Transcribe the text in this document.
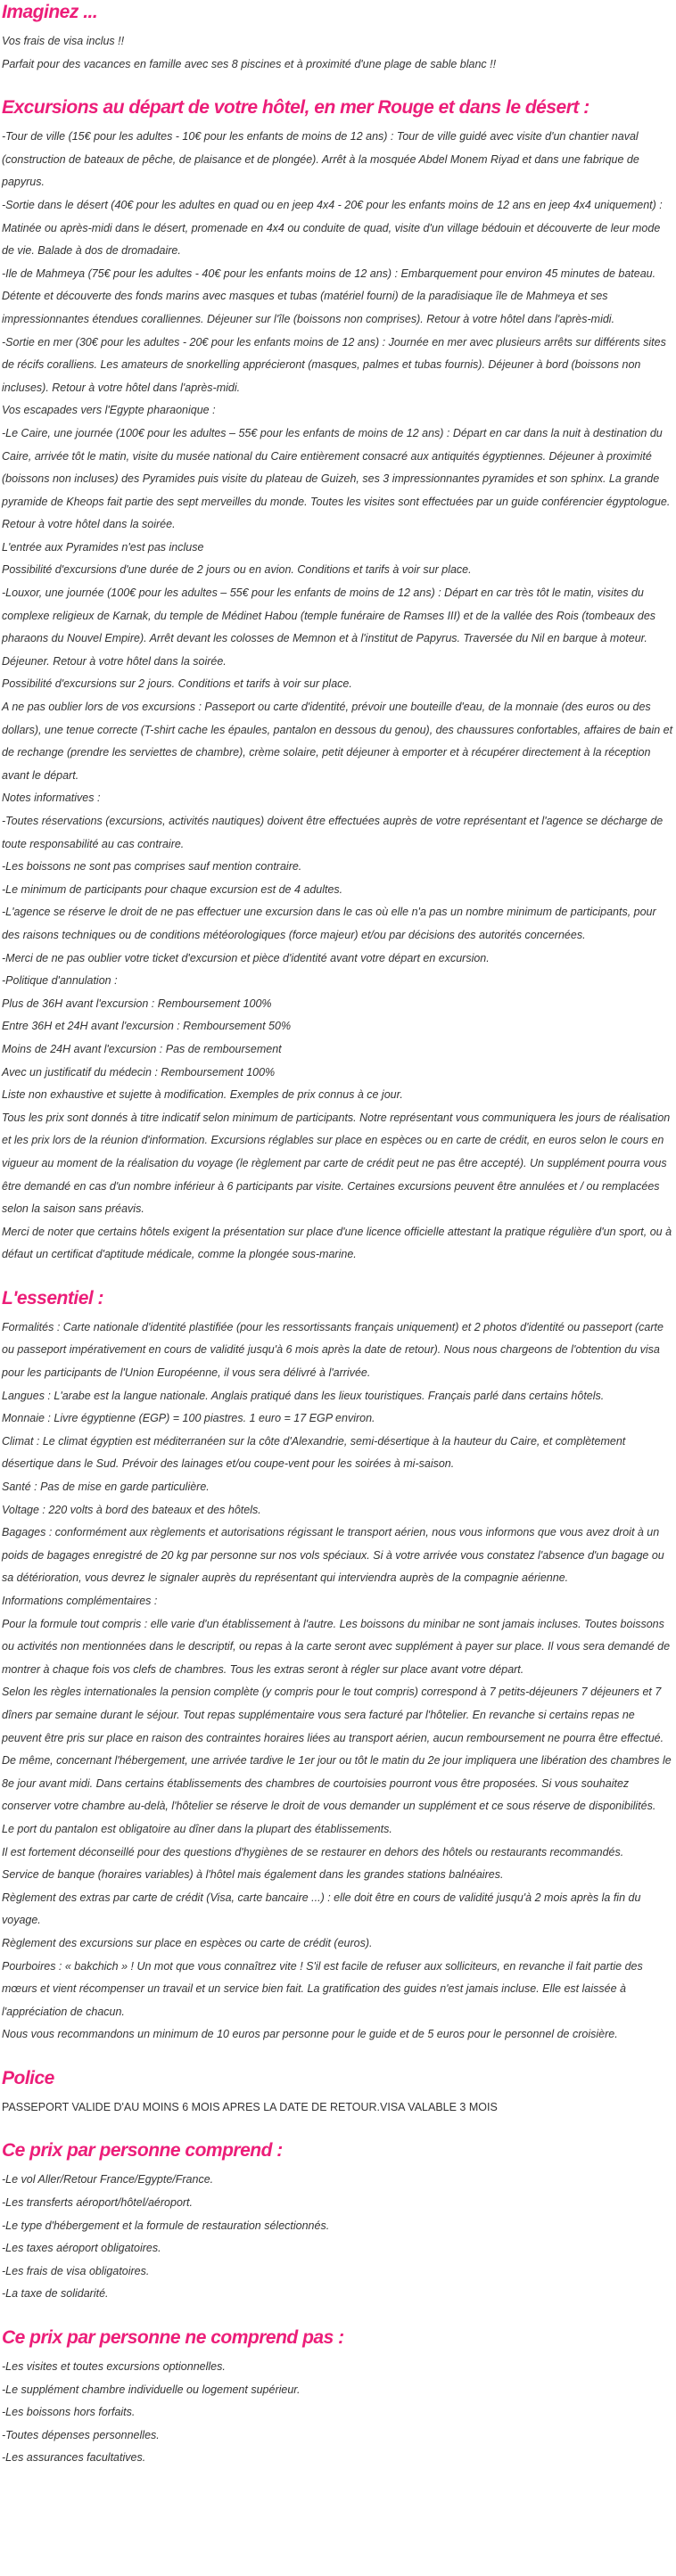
Imaginez ...
Vos frais de visa inclus !!
Parfait pour des vacances en famille avec ses 8 piscines et à proximité d'une plage de sable blanc !!
Excursions au départ de votre hôtel, en mer Rouge et dans le désert :
-Tour de ville (15€ pour les adultes - 10€ pour les enfants de moins de 12 ans) : Tour de ville guidé avec visite d'un chantier naval (construction de bateaux de pêche, de plaisance et de plongée). Arrêt à la mosquée Abdel Monem Riyad et dans une fabrique de papyrus.
-Sortie dans le désert (40€ pour les adultes en quad ou en jeep 4x4 - 20€ pour les enfants moins de 12 ans en jeep 4x4 uniquement) : Matinée ou après-midi dans le désert, promenade en 4x4 ou conduite de quad, visite d'un village bédouin et découverte de leur mode de vie. Balade à dos de dromadaire.
-Ile de Mahmeya (75€ pour les adultes - 40€ pour les enfants moins de 12 ans) : Embarquement pour environ 45 minutes de bateau. Détente et découverte des fonds marins avec masques et tubas (matériel fourni) de la paradisiaque île de Mahmeya et ses impressionnantes étendues coralliennes. Déjeuner sur l'île (boissons non comprises). Retour à votre hôtel dans l'après-midi.
-Sortie en mer (30€ pour les adultes - 20€ pour les enfants moins de 12 ans) : Journée en mer avec plusieurs arrêts sur différents sites de récifs coralliens. Les amateurs de snorkelling apprécieront (masques, palmes et tubas fournis). Déjeuner à bord (boissons non incluses). Retour à votre hôtel dans l'après-midi.
Vos escapades vers l'Egypte pharaonique :
-Le Caire, une journée (100€ pour les adultes – 55€ pour les enfants de moins de 12 ans) : Départ en car dans la nuit à destination du Caire, arrivée tôt le matin, visite du musée national du Caire entièrement consacré aux antiquités égyptiennes. Déjeuner à proximité (boissons non incluses) des Pyramides puis visite du plateau de Guizeh, ses 3 impressionnantes pyramides et son sphinx. La grande pyramide de Kheops fait partie des sept merveilles du monde. Toutes les visites sont effectuées par un guide conférencier égyptologue. Retour à votre hôtel dans la soirée.
L'entrée aux Pyramides n'est pas incluse
Possibilité d'excursions d'une durée de 2 jours ou en avion. Conditions et tarifs à voir sur place.
-Louxor, une journée (100€ pour les adultes – 55€ pour les enfants de moins de 12 ans) : Départ en car très tôt le matin, visites du complexe religieux de Karnak, du temple de Médinet Habou (temple funéraire de Ramses III) et de la vallée des Rois (tombeaux des pharaons du Nouvel Empire). Arrêt devant les colosses de Memnon et à l'institut de Papyrus. Traversée du Nil en barque à moteur. Déjeuner. Retour à votre hôtel dans la soirée.
Possibilité d'excursions sur 2 jours. Conditions et tarifs à voir sur place.
A ne pas oublier lors de vos excursions : Passeport ou carte d'identité, prévoir une bouteille d'eau, de la monnaie (des euros ou des dollars), une tenue correcte (T-shirt cache les épaules, pantalon en dessous du genou), des chaussures confortables, affaires de bain et de rechange (prendre les serviettes de chambre), crème solaire, petit déjeuner à emporter et à récupérer directement à la réception avant le départ.
Notes informatives :
-Toutes réservations (excursions, activités nautiques) doivent être effectuées auprès de votre représentant et l'agence se décharge de toute responsabilité au cas contraire.
-Les boissons ne sont pas comprises sauf mention contraire.
-Le minimum de participants pour chaque excursion est de 4 adultes.
-L'agence se réserve le droit de ne pas effectuer une excursion dans le cas où elle n'a pas un nombre minimum de participants, pour des raisons techniques ou de conditions météorologiques (force majeur) et/ou par décisions des autorités concernées.
-Merci de ne pas oublier votre ticket d'excursion et pièce d'identité avant votre départ en excursion.
-Politique d'annulation :
Plus de 36H avant l'excursion : Remboursement 100%
Entre 36H et 24H avant l'excursion : Remboursement 50%
Moins de 24H avant l'excursion : Pas de remboursement
Avec un justificatif du médecin : Remboursement 100%
Liste non exhaustive et sujette à modification. Exemples de prix connus à ce jour.
Tous les prix sont donnés à titre indicatif selon minimum de participants. Notre représentant vous communiquera les jours de réalisation et les prix lors de la réunion d'information. Excursions réglables sur place en espèces ou en carte de crédit, en euros selon le cours en vigueur au moment de la réalisation du voyage (le règlement par carte de crédit peut ne pas être accepté). Un supplément pourra vous être demandé en cas d'un nombre inférieur à 6 participants par visite. Certaines excursions peuvent être annulées et / ou remplacées selon la saison sans préavis.
Merci de noter que certains hôtels exigent la présentation sur place d'une licence officielle attestant la pratique régulière d'un sport, ou à défaut un certificat d'aptitude médicale, comme la plongée sous-marine.
L'essentiel :
Formalités : Carte nationale d'identité plastifiée (pour les ressortissants français uniquement) et 2 photos d'identité ou passeport (carte ou passeport impérativement en cours de validité jusqu'à 6 mois après la date de retour). Nous nous chargeons de l'obtention du visa pour les participants de l'Union Européenne, il vous sera délivré à l'arrivée.
Langues : L'arabe est la langue nationale. Anglais pratiqué dans les lieux touristiques. Français parlé dans certains hôtels.
Monnaie : Livre égyptienne (EGP) = 100 piastres. 1 euro = 17 EGP environ.
Climat : Le climat égyptien est méditerranéen sur la côte d'Alexandrie, semi-désertique à la hauteur du Caire, et complètement désertique dans le Sud. Prévoir des lainages et/ou coupe-vent pour les soirées à mi-saison.
Santé : Pas de mise en garde particulière.
Voltage : 220 volts à bord des bateaux et des hôtels.
Bagages : conformément aux règlements et autorisations régissant le transport aérien, nous vous informons que vous avez droit à un poids de bagages enregistré de 20 kg par personne sur nos vols spéciaux. Si à votre arrivée vous constatez l'absence d'un bagage ou sa détérioration, vous devrez le signaler auprès du représentant qui interviendra auprès de la compagnie aérienne.
Informations complémentaires :
Pour la formule tout compris : elle varie d'un établissement à l'autre. Les boissons du minibar ne sont jamais incluses. Toutes boissons ou activités non mentionnées dans le descriptif, ou repas à la carte seront avec supplément à payer sur place. Il vous sera demandé de montrer à chaque fois vos clefs de chambres. Tous les extras seront à régler sur place avant votre départ.
Selon les règles internationales la pension complète (y compris pour le tout compris) correspond à 7 petits-déjeuners 7 déjeuners et 7 dîners par semaine durant le séjour. Tout repas supplémentaire vous sera facturé par l'hôtelier. En revanche si certains repas ne peuvent être pris sur place en raison des contraintes horaires liées au transport aérien, aucun remboursement ne pourra être effectué.
De même, concernant l'hébergement, une arrivée tardive le 1er jour ou tôt le matin du 2e jour impliquera une libération des chambres le 8e jour avant midi. Dans certains établissements des chambres de courtoisies pourront vous être proposées. Si vous souhaitez conserver votre chambre au-delà, l'hôtelier se réserve le droit de vous demander un supplément et ce sous réserve de disponibilités.
Le port du pantalon est obligatoire au dîner dans la plupart des établissements.
Il est fortement déconseillé pour des questions d'hygiènes de se restaurer en dehors des hôtels ou restaurants recommandés.
Service de banque (horaires variables) à l'hôtel mais également dans les grandes stations balnéaires.
Règlement des extras par carte de crédit (Visa, carte bancaire ...) : elle doit être en cours de validité jusqu'à 2 mois après la fin du voyage.
Règlement des excursions sur place en espèces ou carte de crédit (euros).
Pourboires : « bakchich » ! Un mot que vous connaîtrez vite ! S'il est facile de refuser aux solliciteurs, en revanche il fait partie des mœurs et vient récompenser un travail et un service bien fait. La gratification des guides n'est jamais incluse. Elle est laissée à l'appréciation de chacun.
Nous vous recommandons un minimum de 10 euros par personne pour le guide et de 5 euros pour le personnel de croisière.
Police
PASSEPORT VALIDE D'AU MOINS 6 MOIS APRES LA DATE DE RETOUR.VISA VALABLE 3 MOIS
Ce prix par personne comprend :
-Le vol Aller/Retour France/Egypte/France.
-Les transferts aéroport/hôtel/aéroport.
-Le type d'hébergement et la formule de restauration sélectionnés.
-Les taxes aéroport obligatoires.
-Les frais de visa obligatoires.
-La taxe de solidarité.
Ce prix par personne ne comprend pas :
-Les visites et toutes excursions optionnelles.
-Le supplément chambre individuelle ou logement supérieur.
-Les boissons hors forfaits.
-Toutes dépenses personnelles.
-Les assurances facultatives.
